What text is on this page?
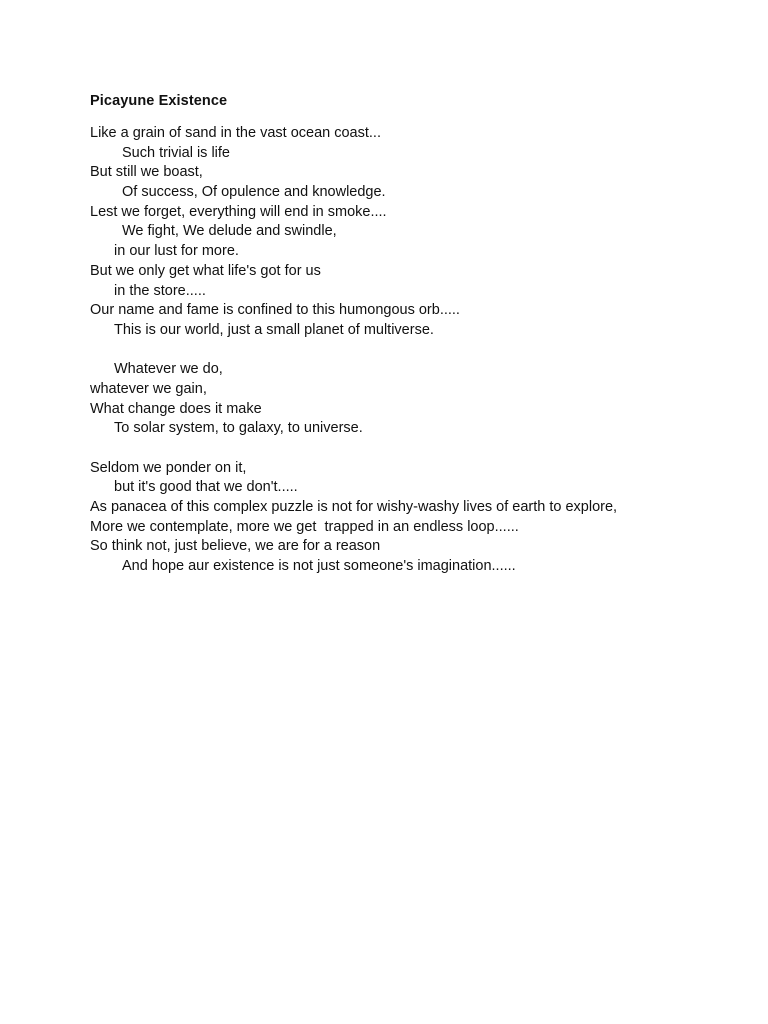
Picayune Existence
Like a grain of sand in the vast ocean coast...
Such trivial is life
But still we boast,
Of success, Of opulence and knowledge.
Lest we forget, everything will end in smoke....
We fight, We delude and swindle,
in our lust for more.
But we only get what life's got for us
in the store.....
Our name and fame is confined to this humongous orb.....
This is our world, just a small planet of multiverse.
Whatever we do,
whatever we gain,
What change does it make
To solar system, to galaxy, to universe.
Seldom we ponder on it,
but it's good that we don't.....
As panacea of this complex puzzle is not for wishy-washy lives of earth to explore,
More we contemplate, more we get  trapped in an endless loop......
So think not, just believe, we are for a reason
And hope aur existence is not just someone's imagination......
